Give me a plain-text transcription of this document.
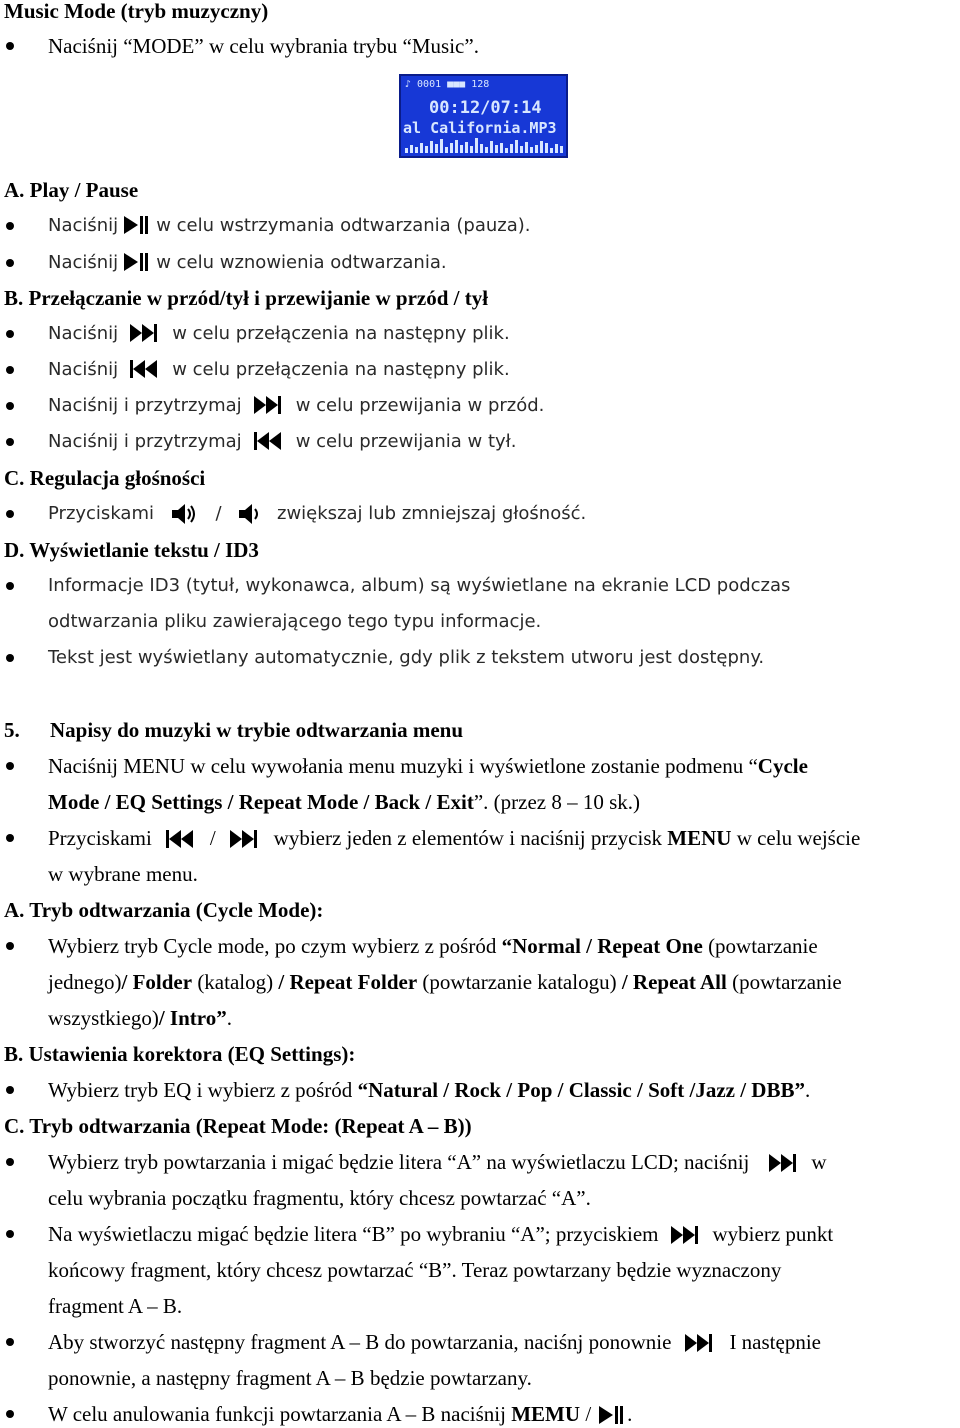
Music Mode (tryb muzyczny)
Naciśnij “MODE” w celu wybrania trybu “Music”.
♪ 0001 ■■■ 128
00:12/07:14
al California.MP3
A. Play / Pause
Naciśnij w celu wstrzymania odtwarzania (pauza).
Naciśnij w celu wznowienia odtwarzania.
B. Przełączanie w przód/tył i przewijanie w przód / tył
Naciśnij	w celu przełączenia na następny plik.
Naciśnij	w celu przełączenia na następny plik.
Naciśnij i przytrzymaj	w celu przewijania w przód.
Naciśnij i przytrzymaj	w celu przewijania w tył.
C. Regulacja głośności
Przyciskami	/	zwiększaj lub zmniejszaj głośność.
D. Wyświetlanie tekstu / ID3
Informacje ID3 (tytuł, wykonawca, album) są wyświetlane na ekranie LCD podczas
odtwarzania pliku zawierającego tego typu informacje.
Tekst jest wyświetlany automatycznie, gdy plik z tekstem utworu jest dostępny.
5. Napisy do muzyki w trybie odtwarzania menu
Naciśnij MENU w celu wywołania menu muzyki i wyświetlone zostanie podmenu “Cycle
Mode / EQ Settings / Repeat Mode / Back / Exit”. (przez 8 – 10 sk.)
Przyciskami	/	wybierz jeden z elementów i naciśnij przycisk MENU w celu wejście
w wybrane menu.
A. Tryb odtwarzania (Cycle Mode):
Wybierz tryb Cycle mode, po czym wybierz z pośród “Normal / Repeat One (powtarzanie
jednego)/ Folder (katalog) / Repeat Folder (powtarzanie katalogu) / Repeat All (powtarzanie
wszystkiego)/ Intro”.
B. Ustawienia korektora (EQ Settings):
Wybierz tryb EQ i wybierz z pośród “Natural / Rock / Pop / Classic / Soft /Jazz / DBB”.
C. Tryb odtwarzania (Repeat Mode: (Repeat A – B))
Wybierz tryb powtarzania i migać będzie litera “A” na wyświetlaczu LCD; naciśnij	w
celu wybrania początku fragmentu, który chcesz powtarzać “A”.
Na wyświetlaczu migać będzie litera “B” po wybraniu “A”; przyciskiem	wybierz punkt
końcowy fragment, który chcesz powtarzać “B”. Teraz powtarzany będzie wyznaczony
fragment A – B.
Aby stworzyć następny fragment A – B do powtarzania, naciśnj ponownie	I następnie
ponownie, a następny fragment A – B będzie powtarzany.
W celu anulowania funkcji powtarzania A – B naciśnij MEMU / .
